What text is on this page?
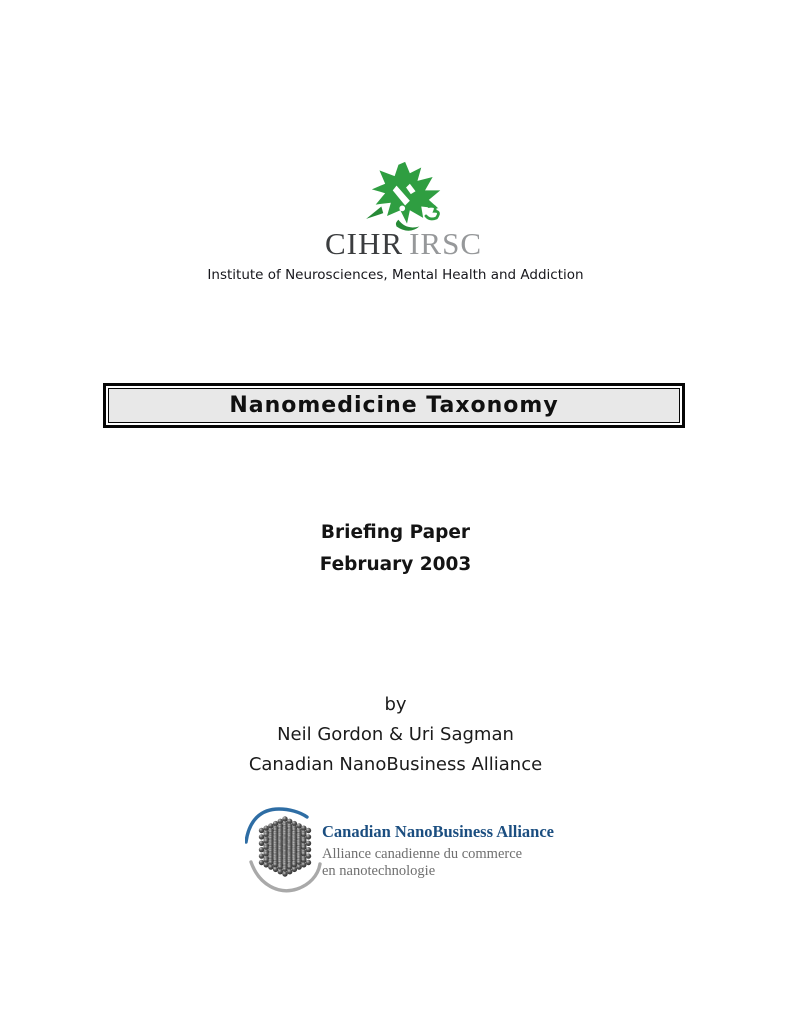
CIHR IRSC
Institute of Neurosciences, Mental Health and Addiction
Nanomedicine Taxonomy
Briefing Paper
February 2003
by
Neil Gordon & Uri Sagman
Canadian NanoBusiness Alliance
Canadian NanoBusiness Alliance
Alliance canadienne du commerce
en nanotechnologie
